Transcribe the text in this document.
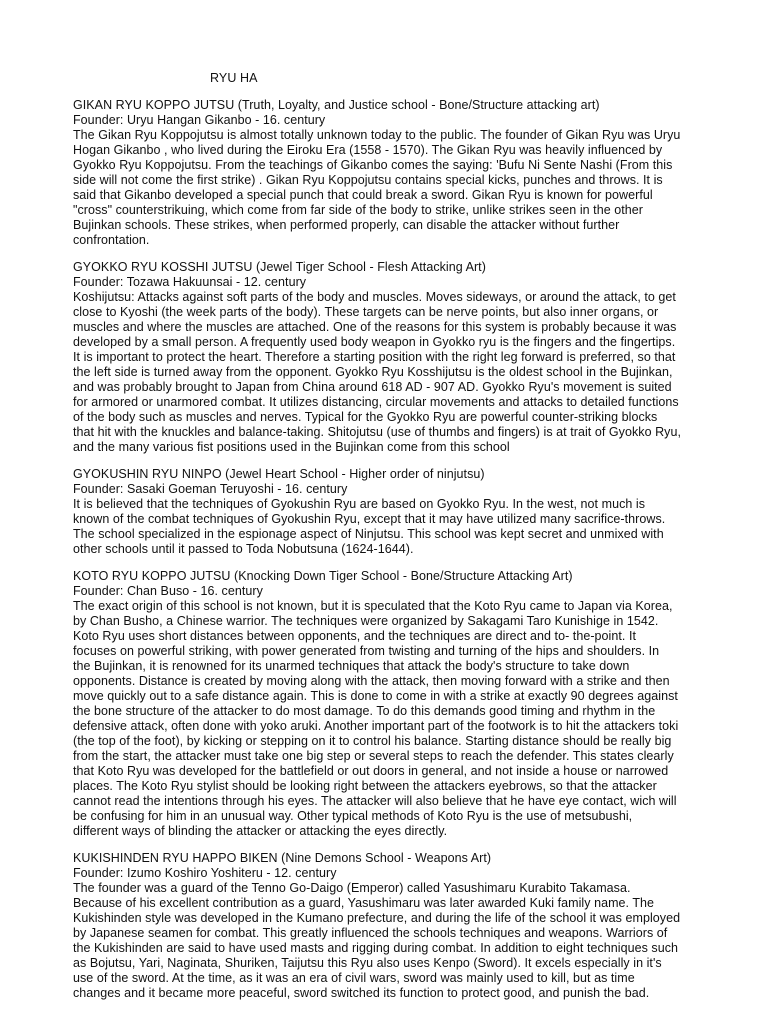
RYU HA
GIKAN RYU KOPPO JUTSU (Truth, Loyalty, and Justice school - Bone/Structure attacking art)
Founder: Uryu Hangan Gikanbo - 16. century
The Gikan Ryu Koppojutsu is almost totally unknown today to the public. The founder of Gikan Ryu was Uryu
Hogan Gikanbo , who lived during the Eiroku Era (1558 - 1570). The Gikan Ryu was heavily influenced by
Gyokko Ryu Koppojutsu. From the teachings of Gikanbo comes the saying: 'Bufu Ni Sente Nashi (From this
side will not come the first strike) . Gikan Ryu Koppojutsu contains special kicks, punches and throws. It is
said that Gikanbo developed a special punch that could break a sword. Gikan Ryu is known for powerful
"cross" counterstrikuing, which come from far side of the body to strike, unlike strikes seen in the other
Bujinkan schools. These strikes, when performed properly, can disable the attacker without further
confrontation.
GYOKKO RYU KOSSHI JUTSU (Jewel Tiger School - Flesh Attacking Art)
Founder: Tozawa Hakuunsai - 12. century
Koshijutsu: Attacks against soft parts of the body and muscles. Moves sideways, or around the attack, to get
close to Kyoshi (the week parts of the body). These targets can be nerve points, but also inner organs, or
muscles and where the muscles are attached. One of the reasons for this system is probably because it was
developed by a small person. A frequently used body weapon in Gyokko ryu is the fingers and the fingertips.
It is important to protect the heart. Therefore a starting position with the right leg forward is preferred, so that
the left side is turned away from the opponent. Gyokko Ryu Kosshijutsu is the oldest school in the Bujinkan,
and was probably brought to Japan from China around 618 AD - 907 AD. Gyokko Ryu's movement is suited
for armored or unarmored combat. It utilizes distancing, circular movements and attacks to detailed functions
of the body such as muscles and nerves. Typical for the Gyokko Ryu are powerful counter-striking blocks
that hit with the knuckles and balance-taking. Shitojutsu (use of thumbs and fingers) is at trait of Gyokko Ryu,
and the many various fist positions used in the Bujinkan come from this school
GYOKUSHIN RYU NINPO (Jewel Heart School - Higher order of ninjutsu)
Founder: Sasaki Goeman Teruyoshi - 16. century
It is believed that the techniques of Gyokushin Ryu are based on Gyokko Ryu. In the west, not much is
known of the combat techniques of Gyokushin Ryu, except that it may have utilized many sacrifice-throws.
The school specialized in the espionage aspect of Ninjutsu. This school was kept secret and unmixed with
other schools until it passed to Toda Nobutsuna (1624-1644).
KOTO RYU KOPPO JUTSU (Knocking Down Tiger School - Bone/Structure Attacking Art)
Founder: Chan Buso - 16. century
The exact origin of this school is not known, but it is speculated that the Koto Ryu came to Japan via Korea,
by Chan Busho, a Chinese warrior. The techniques were organized by Sakagami Taro Kunishige in 1542.
Koto Ryu uses short distances between opponents, and the techniques are direct and to- the-point. It
focuses on powerful striking, with power generated from twisting and turning of the hips and shoulders. In
the Bujinkan, it is renowned for its unarmed techniques that attack the body's structure to take down
opponents. Distance is created by moving along with the attack, then moving forward with a strike and then
move quickly out to a safe distance again. This is done to come in with a strike at exactly 90 degrees against
the bone structure of the attacker to do most damage. To do this demands good timing and rhythm in the
defensive attack, often done with yoko aruki. Another important part of the footwork is to hit the attackers toki
(the top of the foot), by kicking or stepping on it to control his balance. Starting distance should be really big
from the start, the attacker must take one big step or several steps to reach the defender. This states clearly
that Koto Ryu was developed for the battlefield or out doors in general, and not inside a house or narrowed
places. The Koto Ryu stylist should be looking right between the attackers eyebrows, so that the attacker
cannot read the intentions through his eyes. The attacker will also believe that he have eye contact, wich will
be confusing for him in an unusual way. Other typical methods of Koto Ryu is the use of metsubushi,
different ways of blinding the attacker or attacking the eyes directly.
KUKISHINDEN RYU HAPPO BIKEN (Nine Demons School - Weapons Art)
Founder: Izumo Koshiro Yoshiteru - 12. century
The founder was a guard of the Tenno Go-Daigo (Emperor) called Yasushimaru Kurabito Takamasa.
Because of his excellent contribution as a guard, Yasushimaru was later awarded Kuki family name. The
Kukishinden style was developed in the Kumano prefecture, and during the life of the school it was employed
by Japanese seamen for combat. This greatly influenced the schools techniques and weapons. Warriors of
the Kukishinden are said to have used masts and rigging during combat. In addition to eight techniques such
as Bojutsu, Yari, Naginata, Shuriken, Taijutsu this Ryu also uses Kenpo (Sword). It excels especially in it's
use of the sword. At the time, as it was an era of civil wars, sword was mainly used to kill, but as time
changes and it became more peaceful, sword switched its function to protect good, and punish the bad.
